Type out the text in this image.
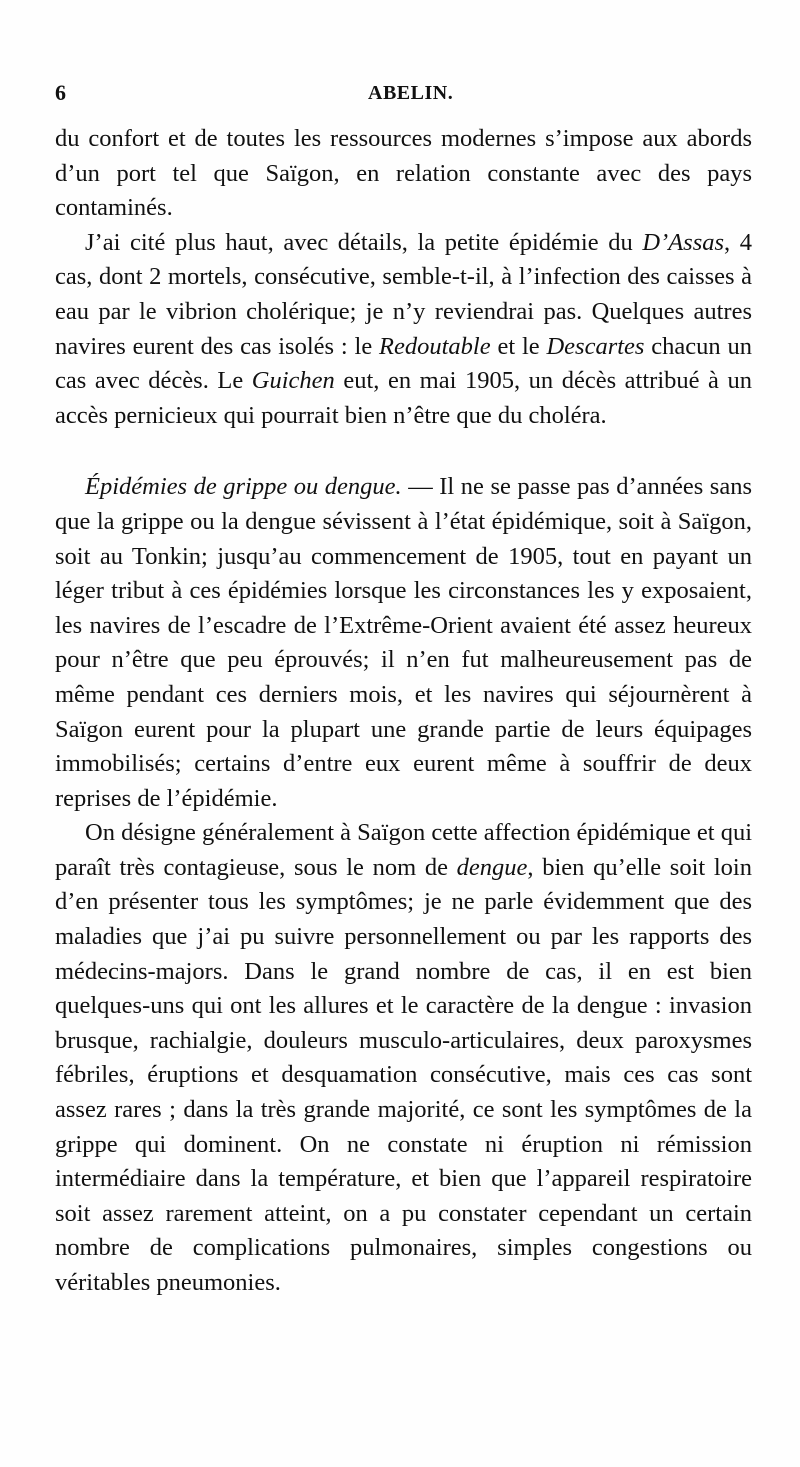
6	ABELIN.

du confort et de toutes les ressources modernes s’impose aux abords d’un port tel que Saïgon, en relation constante avec des pays contaminés.

J’ai cité plus haut, avec détails, la petite épidémie du D’Assas, 4 cas, dont 2 mortels, consécutive, semble-t-il, à l’infection des caisses à eau par le vibrion cholérique; je n’y reviendrai pas. Quelques autres navires eurent des cas isolés : le Redoutable et le Descartes chacun un cas avec décès. Le Guichen eut, en mai 1905, un décès attribué à un accès pernicieux qui pourrait bien n’être que du choléra.

Épidémies de grippe ou dengue. — Il ne se passe pas d’années sans que la grippe ou la dengue sévissent à l’état épidémique, soit à Saïgon, soit au Tonkin; jusqu’au commencement de 1905, tout en payant un léger tribut à ces épidémies lorsque les circonstances les y exposaient, les navires de l’escadre de l’Extrême-Orient avaient été assez heureux pour n’être que peu éprouvés; il n’en fut malheureusement pas de même pendant ces derniers mois, et les navires qui séjournèrent à Saïgon eurent pour la plupart une grande partie de leurs équipages immobilisés; certains d’entre eux eurent même à souffrir de deux reprises de l’épidémie.

On désigne généralement à Saïgon cette affection épidémique et qui paraît très contagieuse, sous le nom de dengue, bien qu’elle soit loin d’en présenter tous les symptômes; je ne parle évidemment que des maladies que j’ai pu suivre personnellement ou par les rapports des médecins-majors. Dans le grand nombre de cas, il en est bien quelques-uns qui ont les allures et le caractère de la dengue : invasion brusque, rachialgie, douleurs musculo-articulaires, deux paroxysmes fébriles, éruptions et desquamation consécutive, mais ces cas sont assez rares ; dans la très grande majorité, ce sont les symptômes de la grippe qui dominent. On ne constate ni éruption ni rémission intermédiaire dans la température, et bien que l’appareil respiratoire soit assez rarement atteint, on a pu constater cependant un certain nombre de complications pulmonaires, simples congestions ou véritables pneumonies.
